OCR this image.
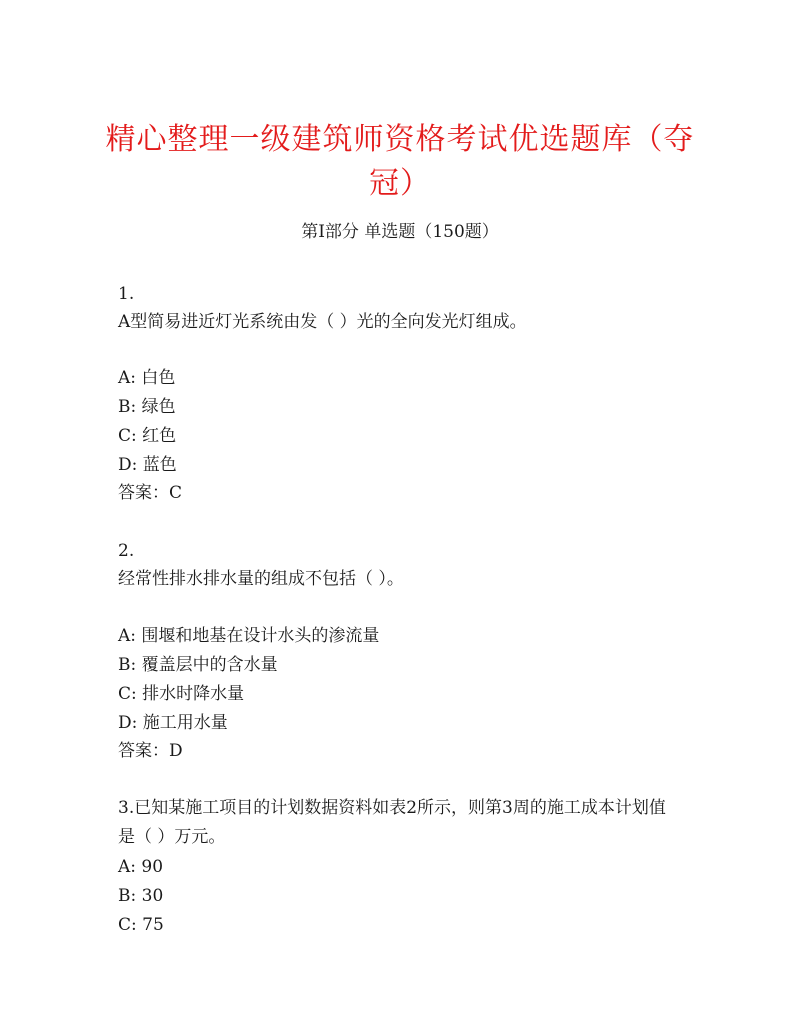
精心整理一级建筑师资格考试优选题库（夺冠）
第Ⅰ部分 单选题（150题）
1.
A型简易进近灯光系统由发（ ）光的全向发光灯组成。
A: 白色
B: 绿色
C: 红色
D: 蓝色
答案：C
2.
经常性排水排水量的组成不包括（ ）。
A: 围堰和地基在设计水头的渗流量
B: 覆盖层中的含水量
C: 排水时降水量
D: 施工用水量
答案：D
3.已知某施工项目的计划数据资料如表2所示，则第3周的施工成本计划值是（ ）万元。
A: 90
B: 30
C: 75
